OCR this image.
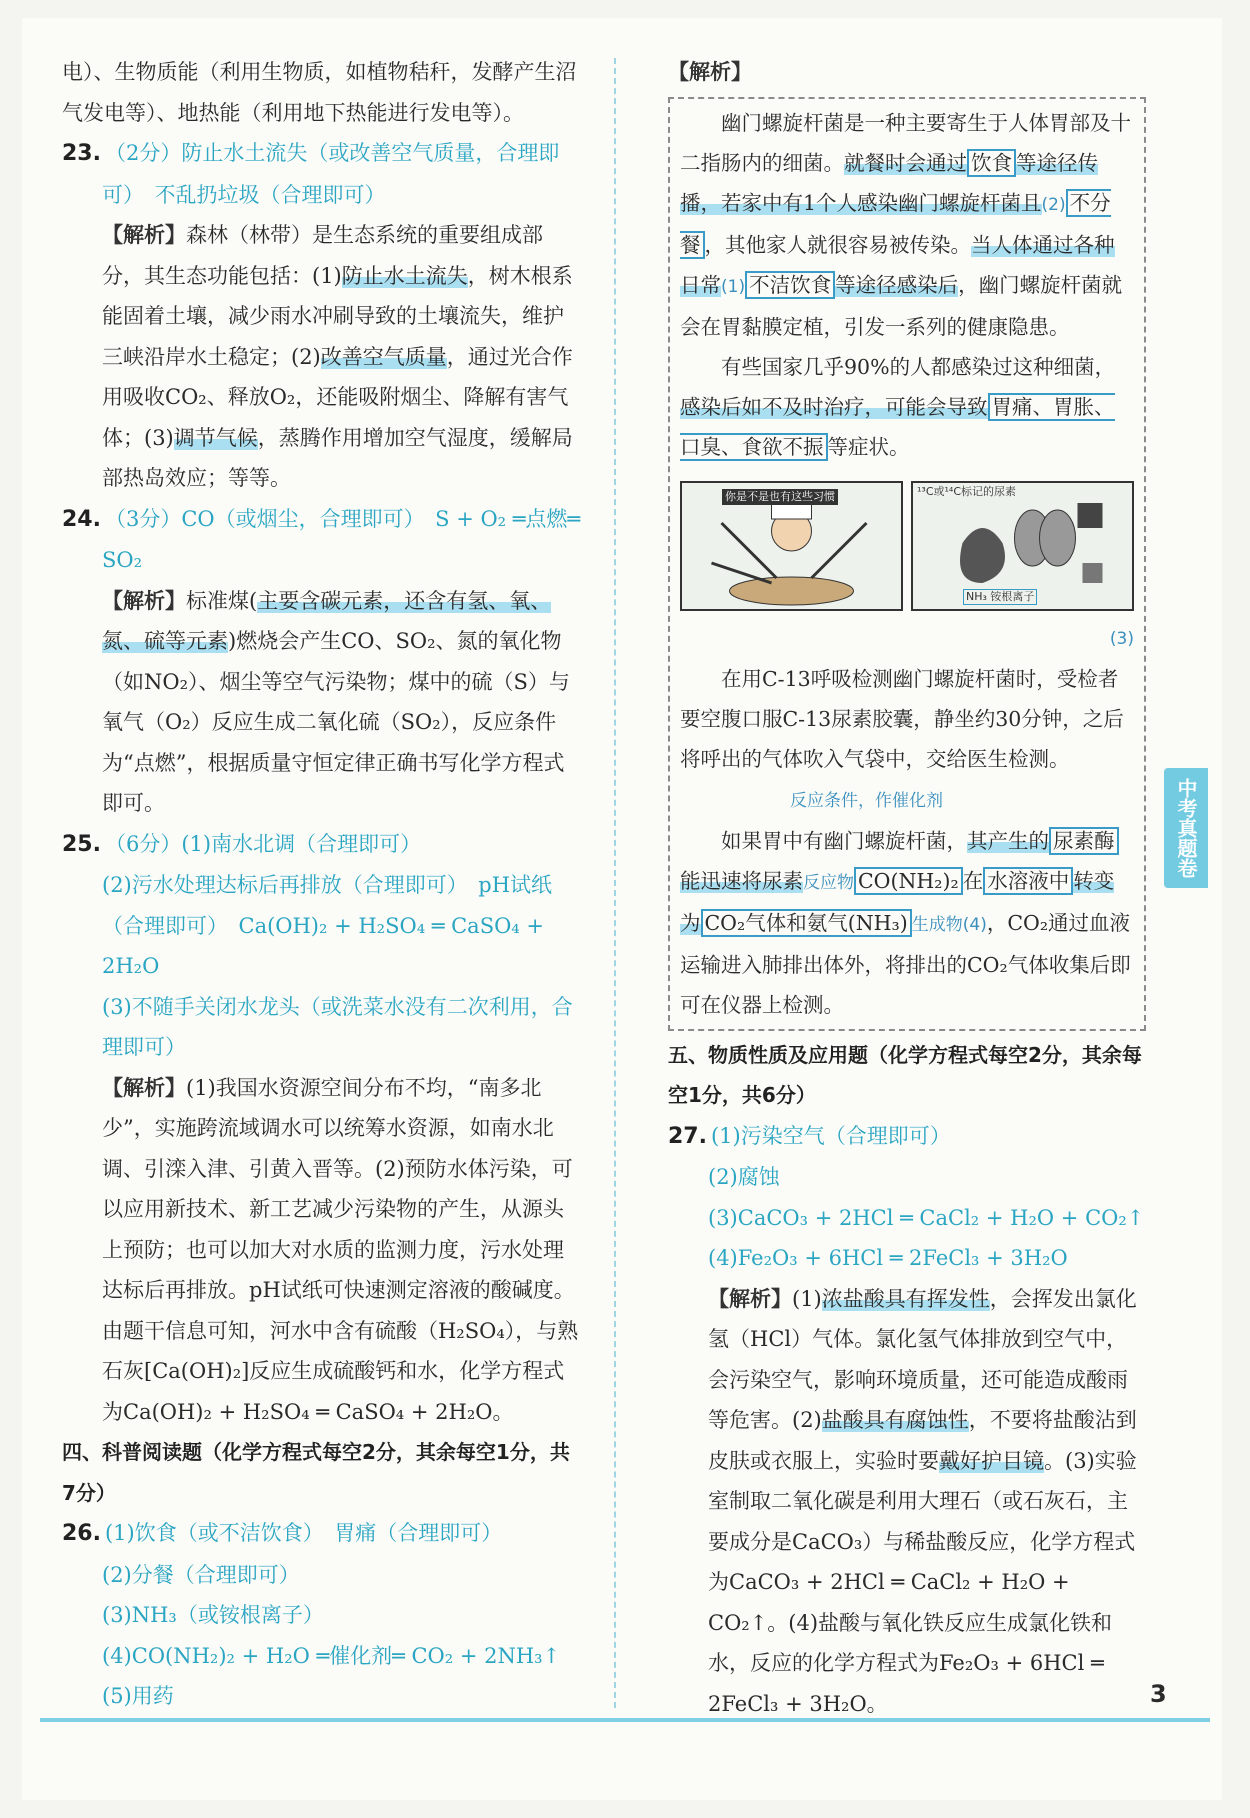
电）、生物质能（利用生物质，如植物秸秆，发酵产生沼气发电等）、地热能（利用地下热能进行发电等）。

23. （2分）防止水土流失（或改善空气质量，合理即可）　不乱扔垃圾（合理即可）

【解析】森林（林带）是生态系统的重要组成部分，其生态功能包括：(1)防止水土流失，树木根系能固着土壤，减少雨水冲刷导致的土壤流失，维护三峡沿岸水土稳定；(2)改善空气质量，通过光合作用吸收CO₂、释放O₂，还能吸附烟尘、降解有害气体；(3)调节气候，蒸腾作用增加空气湿度，缓解局部热岛效应；等等。

24. （3分）CO（或烟尘，合理即可）　S + O₂ ═点燃═ SO₂

【解析】标准煤(主要含碳元素，还含有氢、氧、氮、硫等元素)燃烧会产生CO、SO₂、氮的氧化物（如NO₂）、烟尘等空气污染物；煤中的硫（S）与氧气（O₂）反应生成二氧化硫（SO₂），反应条件为“点燃”，根据质量守恒定律正确书写化学方程式即可。

25. （6分）(1)南水北调（合理即可）

(2)污水处理达标后再排放（合理即可）　pH试纸（合理即可）　Ca(OH)₂ + H₂SO₄ ═ CaSO₄ + 2H₂O

(3)不随手关闭水龙头（或洗菜水没有二次利用，合理即可）

【解析】(1)我国水资源空间分布不均，“南多北少”，实施跨流域调水可以统筹水资源，如南水北调、引滦入津、引黄入晋等。(2)预防水体污染，可以应用新技术、新工艺减少污染物的产生，从源头上预防；也可以加大对水质的监测力度，污水处理达标后再排放。pH试纸可快速测定溶液的酸碱度。由题干信息可知，河水中含有硫酸（H₂SO₄），与熟石灰[Ca(OH)₂]反应生成硫酸钙和水，化学方程式为Ca(OH)₂ + H₂SO₄ ═ CaSO₄ + 2H₂O。

四、科普阅读题（化学方程式每空2分，其余每空1分，共7分）

26. (1)饮食（或不洁饮食）　胃痛（合理即可）

(2)分餐（合理即可）

(3)NH₃（或铵根离子）

(4)CO(NH₂)₂ + H₂O ═催化剂═ CO₂ + 2NH₃↑

(5)用药

【解析】

幽门螺旋杆菌是一种主要寄生于人体胃部及十二指肠内的细菌。就餐时会通过 饮食 等途径传播，若家中有1个人感染幽门螺旋杆菌且(2) 不分餐 ，其他家人就很容易被传染。当人体通过各种日常(1) 不洁饮食 等途径感染后，幽门螺旋杆菌就会在胃黏膜定植，引发一系列的健康隐患。

有些国家几乎90%的人都感染过这种细菌，感染后如不及时治疗，可能会导致 胃痛、胃胀、口臭、食欲不振 等症状。

你是不是也有这些习惯	¹³C或¹⁴C标记的尿素
NH₃ 铵根离子

(3)

在用C-13呼吸检测幽门螺旋杆菌时，受检者要空腹口服C-13尿素胶囊，静坐约30分钟，之后将呼出的气体吹入气袋中，交给医生检测。

反应条件，作催化剂

如果胃中有幽门螺旋杆菌，其产生的 尿素酶能迅速将尿素反应物 CO(NH₂)₂ 在 水溶液中 转变为 CO₂气体和氨气(NH₃) 生成物(4)，CO₂通过血液运输进入肺排出体外，将排出的CO₂气体收集后即可在仪器上检测。

五、物质性质及应用题（化学方程式每空2分，其余每空1分，共6分）

27. (1)污染空气（合理即可）

(2)腐蚀

(3)CaCO₃ + 2HCl ═ CaCl₂ + H₂O + CO₂↑

(4)Fe₂O₃ + 6HCl ═ 2FeCl₃ + 3H₂O

【解析】(1)浓盐酸具有挥发性，会挥发出氯化氢（HCl）气体。氯化氢气体排放到空气中，会污染空气，影响环境质量，还可能造成酸雨等危害。(2)盐酸具有腐蚀性，不要将盐酸沾到皮肤或衣服上，实验时要戴好护目镜。(3)实验室制取二氧化碳是利用大理石（或石灰石，主要成分是CaCO₃）与稀盐酸反应，化学方程式为CaCO₃ + 2HCl ═ CaCl₂ + H₂O + CO₂↑。(4)盐酸与氧化铁反应生成氯化铁和水，反应的化学方程式为Fe₂O₃ + 6HCl ═ 2FeCl₃ + 3H₂O。

中考真题卷
3
